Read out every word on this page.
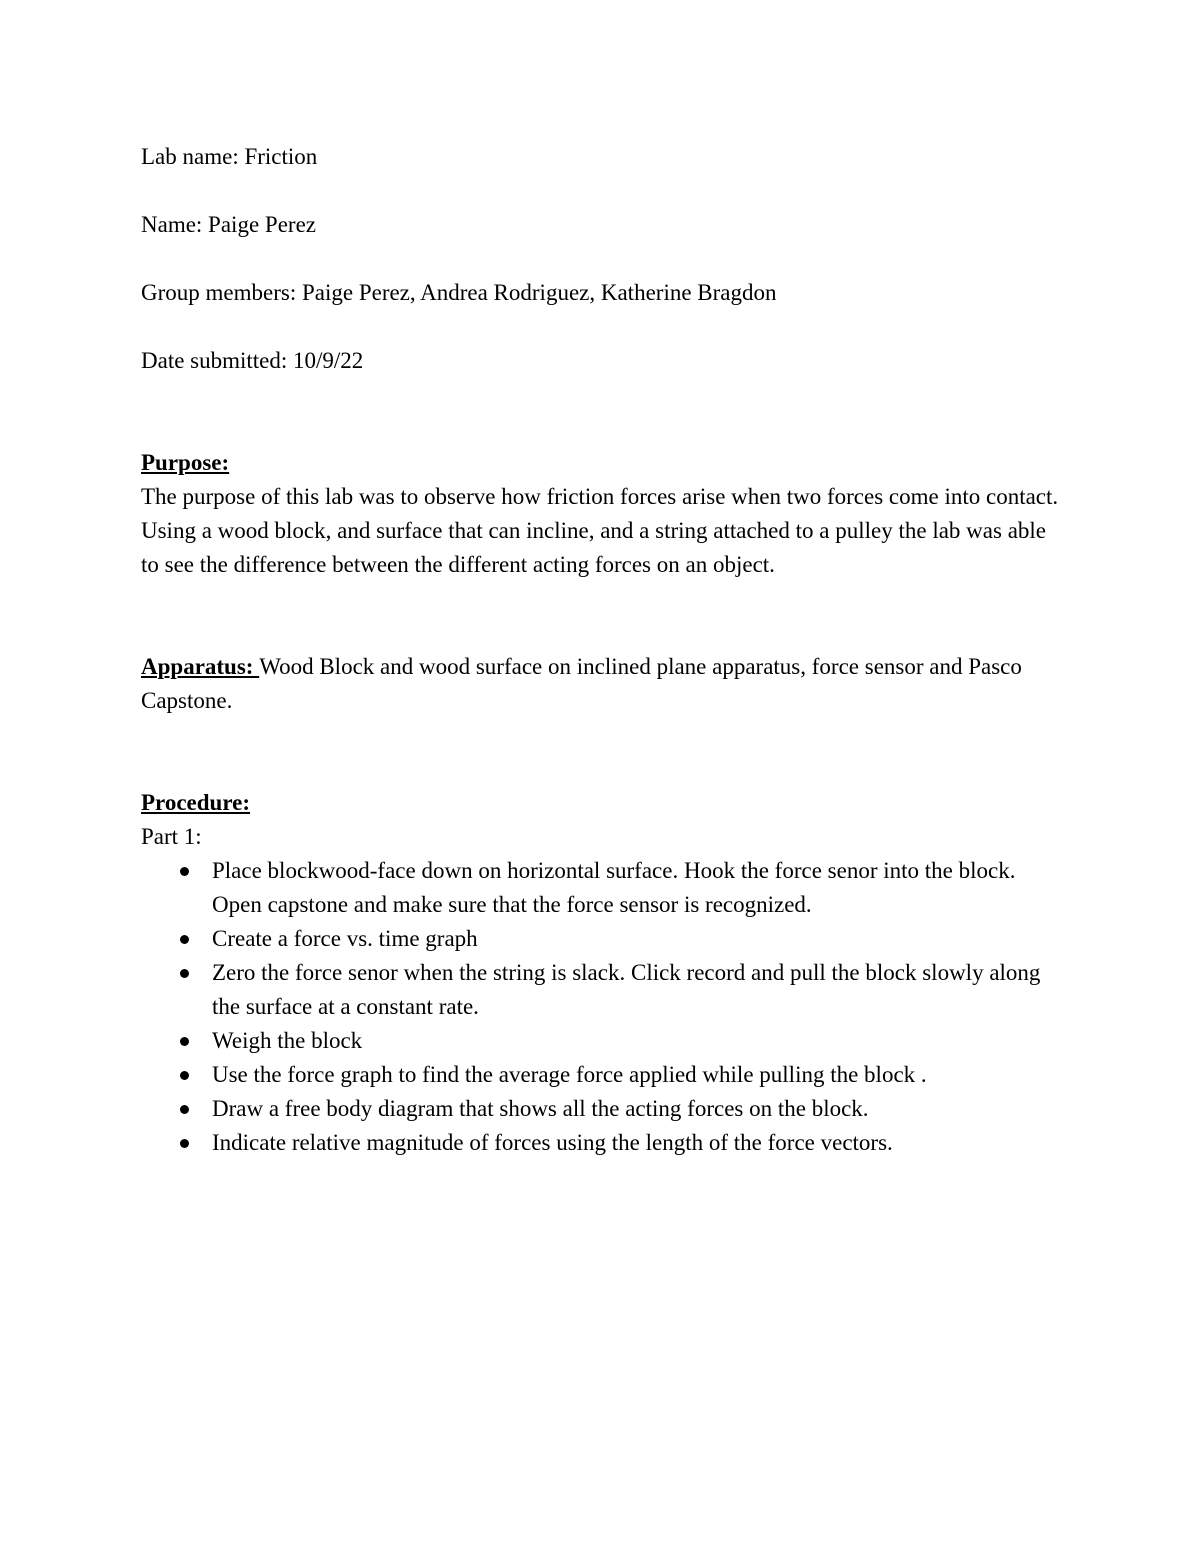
Lab name: Friction
Name: Paige Perez
Group members: Paige Perez, Andrea Rodriguez, Katherine Bragdon
Date submitted: 10/9/22
Purpose:

The purpose of this lab was to observe how friction forces arise when two forces come into contact. Using a wood block, and surface that can incline, and a string attached to a pulley the lab was able to see the difference between the different acting forces on an object.

Apparatus: Wood Block and wood surface on inclined plane apparatus, force sensor and Pasco Capstone.

Procedure:
Part 1:
Place blockwood-face down on horizontal surface. Hook the force senor into the block. Open capstone and make sure that the force sensor is recognized.
Create a force vs. time graph
Zero the force senor when the string is slack. Click record and pull the block slowly along the surface at a constant rate.
Weigh the block
Use the force graph to find the average force applied while pulling the block .
Draw a free body diagram that shows all the acting forces on the block.
Indicate relative magnitude of forces using the length of the force vectors.
